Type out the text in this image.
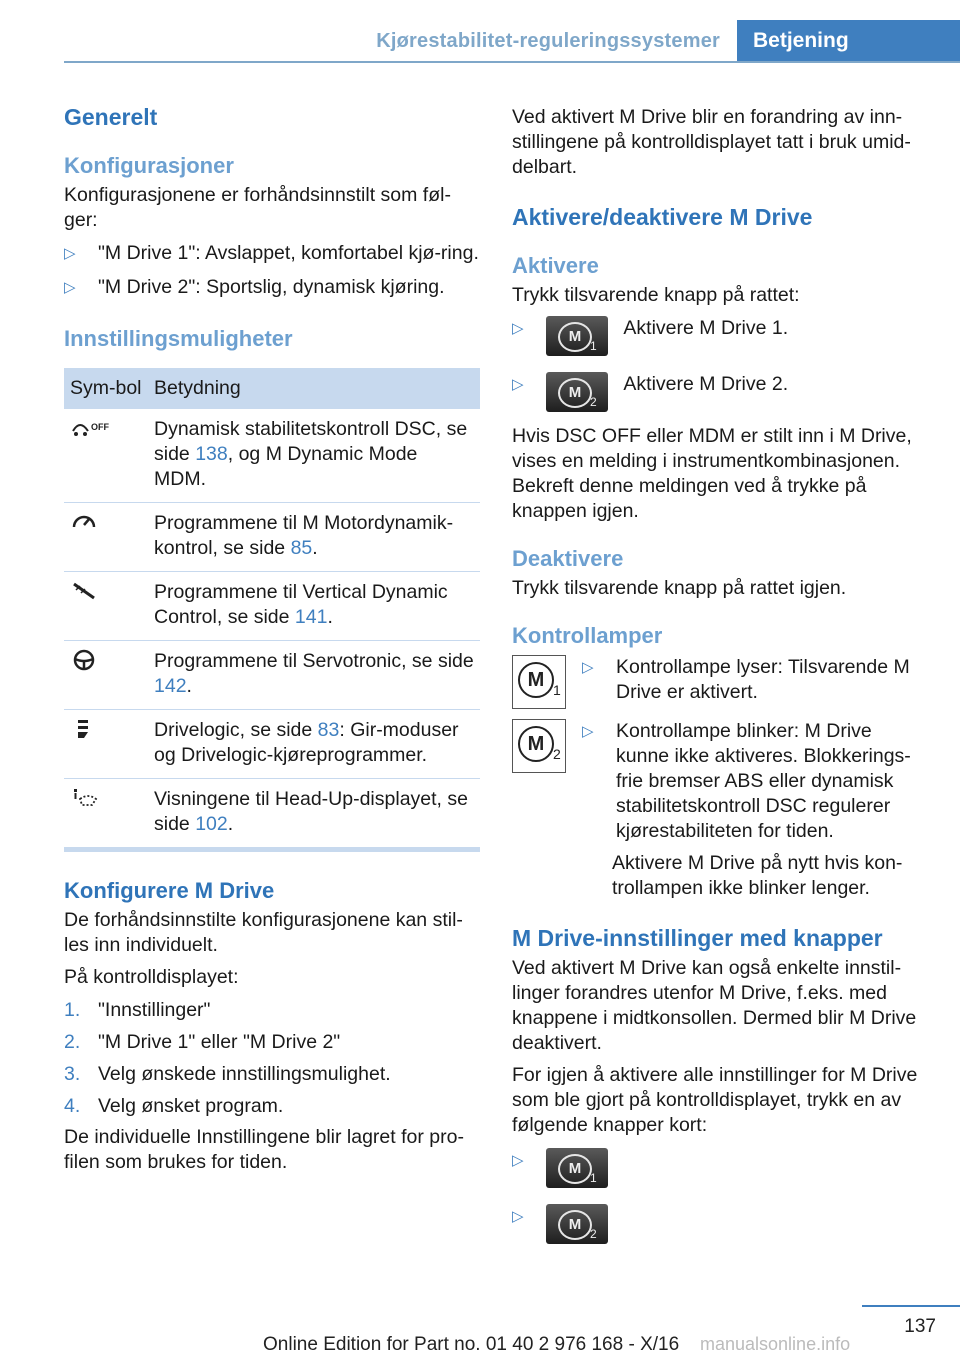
Kjørestabilitet-reguleringssystemer	Betjening
Generelt
Konfigurasjoner

Konfigurasjonene er forhåndsinnstilt som føl-ger:

▷ "M Drive 1": Avslappet, komfortabel kjø-ring.
▷ "M Drive 2": Sportslig, dynamisk kjøring.
Innstillingsmuligheter
Sym-bol	Betydning

OFF	Dynamisk stabilitetskontroll DSC, se side 138, og M Dynamic Mode MDM.
	Programmene til M Motordynamik-kontrol, se side 85.
	Programmene til Vertical Dynamic Control, se side 141.
	Programmene til Servotronic, se side 142.
	Drivelogic, se side 83: Gir-moduser og Drivelogic-kjøreprogrammer.
	Visningene til Head-Up-displayet, se side 102.
Konfigurere M Drive

De forhåndsinnstilte konfigurasjonene kan stil-les inn individuelt.

På kontrolldisplayet:

1. "Innstillinger"
2. "M Drive 1" eller "M Drive 2"
3. Velg ønskede innstillingsmulighet.
4. Velg ønsket program.

De individuelle Innstillingene blir lagret for pro-filen som brukes for tiden.

Ved aktivert M Drive blir en forandring av inn-stillingene på kontrolldisplayet tatt i bruk umid-delbart.

Aktivere/deaktivere M Drive
Aktivere

Trykk tilsvarende knapp på rattet:

▷	M
1
Aktivere M Drive 1.
▷	M
2
Aktivere M Drive 2.

Hvis DSC OFF eller MDM er stilt inn i M Drive, vises en melding i instrumentkombinasjonen. Bekreft denne meldingen ved å trykke på knappen igjen.

Deaktivere

Trykk tilsvarende knapp på rattet igjen.

Kontrollamper
M 1
▷ Kontrollampe lyser: Tilsvarende M Drive er aktivert.
M 2
▷ Kontrollampe blinker: M Drive kunne ikke aktiveres. Blokkerings-frie bremser ABS eller dynamisk stabilitetskontroll DSC regulerer kjørestabiliteten for tiden.

Aktivere M Drive på nytt hvis kon-trollampen ikke blinker lenger.

M Drive-innstillinger med knapper

Ved aktivert M Drive kan også enkelte innstil-linger forandres utenfor M Drive, f.eks. med knappene i midtkonsollen. Dermed blir M Drive deaktivert.

For igjen å aktivere alle innstillinger for M Drive som ble gjort på kontrolldisplayet, trykk en av følgende knapper kort:

▷	M
1
▷	M
2
137
Online Edition for Part no. 01 40 2 976 168 - X/16 manualsonline.info
